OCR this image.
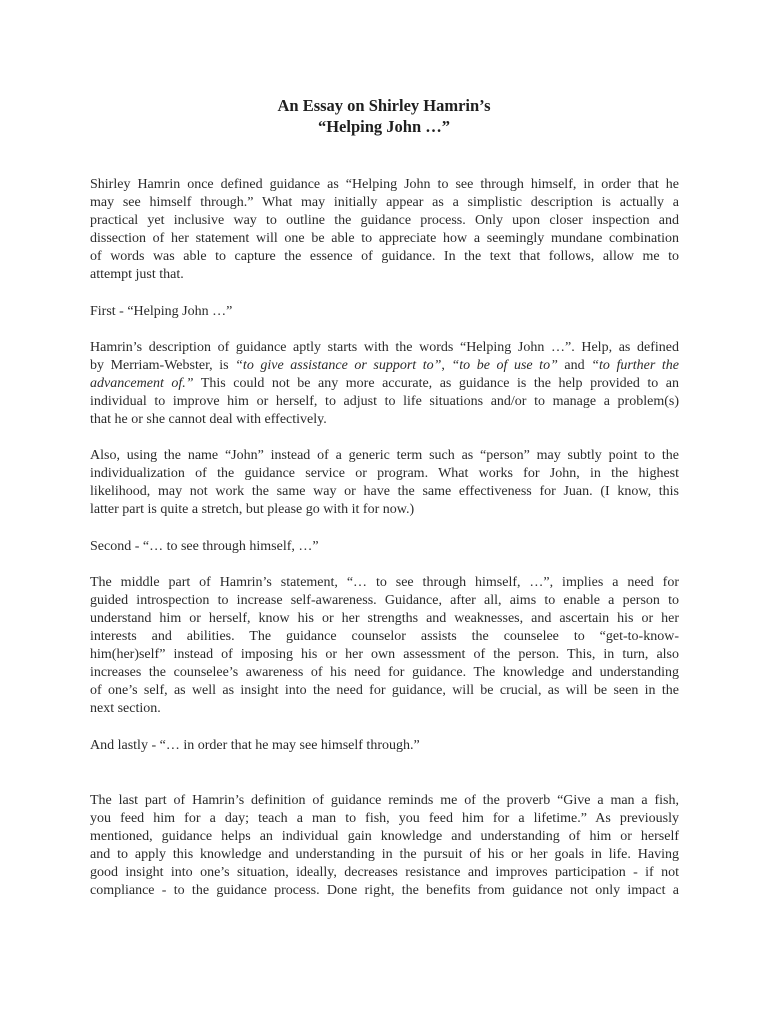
An Essay on Shirley Hamrin’s
“Helping John …”
Shirley Hamrin once defined guidance as “Helping John to see through himself, in order that he
may see himself through.” What may initially appear as a simplistic description is actually a
practical yet inclusive way to outline the guidance process. Only upon closer inspection and
dissection of her statement will one be able to appreciate how a seemingly mundane combination
of words was able to capture the essence of guidance. In the text that follows, allow me to
attempt just that.
First - “Helping John …”
Hamrin’s description of guidance aptly starts with the words “Helping John …”. Help, as defined
by Merriam-Webster, is “to give assistance or support to”, “to be of use to” and “to further the
advancement of.” This could not be any more accurate, as guidance is the help provided to an
individual to improve him or herself, to adjust to life situations and/or to manage a problem(s)
that he or she cannot deal with effectively.
Also, using the name “John” instead of a generic term such as “person” may subtly point to the
individualization of the guidance service or program. What works for John, in the highest
likelihood, may not work the same way or have the same effectiveness for Juan. (I know, this
latter part is quite a stretch, but please go with it for now.)
Second - “… to see through himself, …”
The middle part of Hamrin’s statement, “… to see through himself, …”, implies a need for
guided introspection to increase self-awareness. Guidance, after all, aims to enable a person to
understand him or herself, know his or her strengths and weaknesses, and ascertain his or her
interests and abilities. The guidance counselor assists the counselee to “get-to-know-
him(her)self” instead of imposing his or her own assessment of the person. This, in turn, also
increases the counselee’s awareness of his need for guidance. The knowledge and understanding
of one’s self, as well as insight into the need for guidance, will be crucial, as will be seen in the
next section.
And lastly - “… in order that he may see himself through.”
The last part of Hamrin’s definition of guidance reminds me of the proverb “Give a man a fish,
you feed him for a day; teach a man to fish, you feed him for a lifetime.” As previously
mentioned, guidance helps an individual gain knowledge and understanding of him or herself
and to apply this knowledge and understanding in the pursuit of his or her goals in life. Having
good insight into one’s situation, ideally, decreases resistance and improves participation - if not
compliance - to the guidance process. Done right, the benefits from guidance not only impact a
